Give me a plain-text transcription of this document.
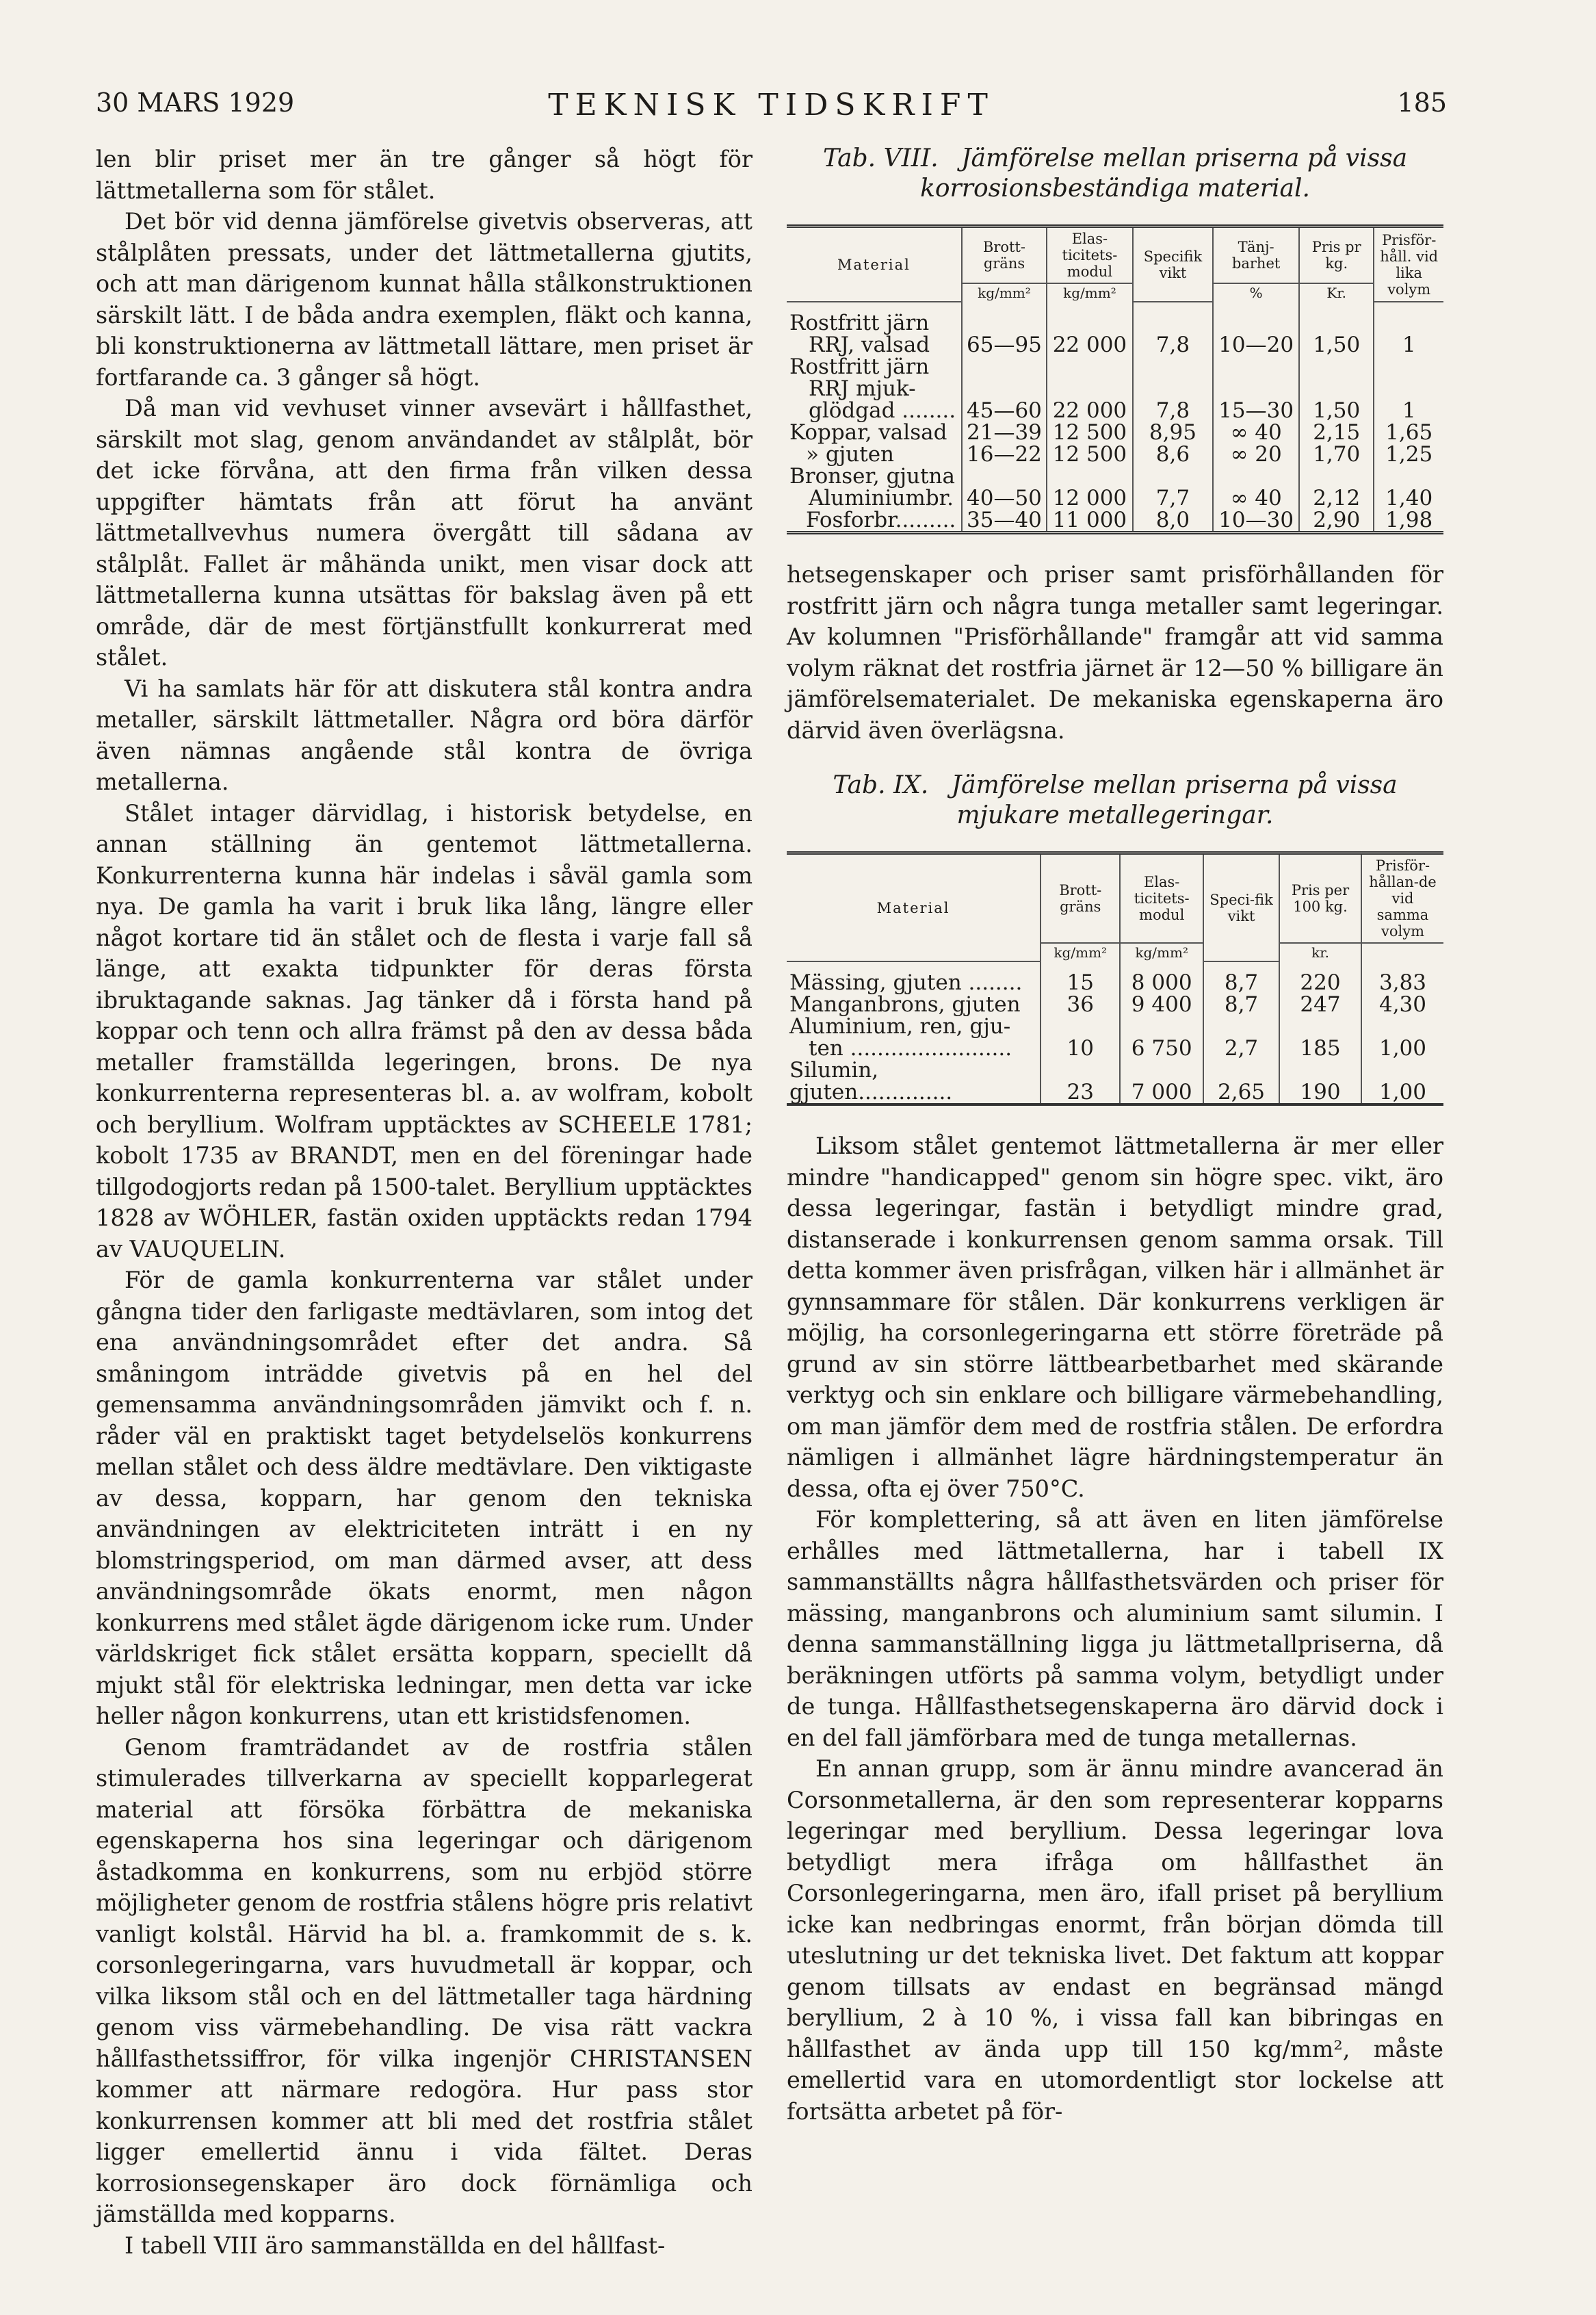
30 MARS 1929	TEKNISK TIDSKRIFT	185

len blir priset mer än tre gånger så högt för lättmetallerna som för stålet.

Det bör vid denna jämförelse givetvis observeras, att stålplåten pressats, under det lättmetallerna gjutits, och att man därigenom kunnat hålla stålkonstruktionen särskilt lätt. I de båda andra exemplen, fläkt och kanna, bli konstruktionerna av lättmetall lättare, men priset är fortfarande ca. 3 gånger så högt.

Då man vid vevhuset vinner avsevärt i hållfasthet, särskilt mot slag, genom användandet av stålplåt, bör det icke förvåna, att den firma från vilken dessa uppgifter hämtats från att förut ha använt lättmetallvevhus numera övergått till sådana av stålplåt. Fallet är måhända unikt, men visar dock att lättmetallerna kunna utsättas för bakslag även på ett område, där de mest förtjänstfullt konkurrerat med stålet.

Vi ha samlats här för att diskutera stål kontra andra metaller, särskilt lättmetaller. Några ord böra därför även nämnas angående stål kontra de övriga metallerna.

Stålet intager därvidlag, i historisk betydelse, en annan ställning än gentemot lättmetallerna. Konkurrenterna kunna här indelas i såväl gamla som nya. De gamla ha varit i bruk lika lång, längre eller något kortare tid än stålet och de flesta i varje fall så länge, att exakta tidpunkter för deras första ibruktagande saknas. Jag tänker då i första hand på koppar och tenn och allra främst på den av dessa båda metaller framställda legeringen, brons. De nya konkurrenterna representeras bl. a. av wolfram, kobolt och beryllium. Wolfram upptäcktes av SCHEELE 1781; kobolt 1735 av BRANDT, men en del föreningar hade tillgodogjorts redan på 1500-talet. Beryllium upptäcktes 1828 av WÖHLER, fastän oxiden upptäckts redan 1794 av VAUQUELIN.

För de gamla konkurrenterna var stålet under gångna tider den farligaste medtävlaren, som intog det ena användningsområdet efter det andra. Så småningom inträdde givetvis på en hel del gemensamma användningsområden jämvikt och f. n. råder väl en praktiskt taget betydelselös konkurrens mellan stålet och dess äldre medtävlare. Den viktigaste av dessa, kopparn, har genom den tekniska användningen av elektriciteten inträtt i en ny blomstringsperiod, om man därmed avser, att dess användningsområde ökats enormt, men någon konkurrens med stålet ägde därigenom icke rum. Under världskriget fick stålet ersätta kopparn, speciellt då mjukt stål för elektriska ledningar, men detta var icke heller någon konkurrens, utan ett kristidsfenomen.

Genom framträdandet av de rostfria stålen stimulerades tillverkarna av speciellt kopparlegerat material att försöka förbättra de mekaniska egenskaperna hos sina legeringar och därigenom åstadkomma en konkurrens, som nu erbjöd större möjligheter genom de rostfria stålens högre pris relativt vanligt kolstål. Härvid ha bl. a. framkommit de s. k. corsonlegeringarna, vars huvudmetall är koppar, och vilka liksom stål och en del lättmetaller taga härdning genom viss värmebehandling. De visa rätt vackra hållfasthetssiffror, för vilka ingenjör CHRISTANSEN kommer att närmare redogöra. Hur pass stor konkurrensen kommer att bli med det rostfria stålet ligger emellertid ännu i vida fältet. Deras korrosionsegenskaper äro dock förnämliga och jämställda med kopparns.

I tabell VIII äro sammanställda en del hållfast-

Tab. VIII. Jämförelse mellan priserna på vissa korrosionsbeständiga material.
Material	Brott-gräns	Elas-ticitets-modul	Specifik vikt	Tänj-barhet	Pris pr kg.	Prisför-håll. vid lika volym
	kg/mm²	kg/mm²		%	Kr.	

Rostfritt järn
RRJ, valsad	65—95	22 000	7,8	10—20	1,50	1

Rostfritt järn
RRJ mjuk-glödgad ........	45—60	22 000	7,8	15—30	1,50	1
Koppar, valsad	21—39	12 500	8,95	∞ 40	2,15	1,65
» gjuten	16—22	12 500	8,6	∞ 20	1,70	1,25

Bronser, gjutna
Aluminiumbr.	40—50	12 000	7,7	∞ 40	2,12	1,40
Fosforbr.........	35—40	11 000	8,0	10—30	2,90	1,98

hetsegenskaper och priser samt prisförhållanden för rostfritt järn och några tunga metaller samt legeringar. Av kolumnen "Prisförhållande" framgår att vid samma volym räknat det rostfria järnet är 12—50 % billigare än jämförelsematerialet. De mekaniska egenskaperna äro därvid även överlägsna.

Tab. IX. Jämförelse mellan priserna på vissa mjukare metallegeringar.
Material	Brott-gräns	Elas-ticitets-modul	Speci-fik vikt	Pris per 100 kg.	Prisför-hållan-de vid samma volym
	kg/mm²	kg/mm²		kr.	

Mässing, gjuten ........	15	8 000	8,7	220	3,83
Manganbrons, gjuten	36	9 400	8,7	247	4,30

Aluminium, ren, gju-
ten ........................	10	6 750	2,7	185	1,00
Silumin, gjuten..............	23	7 000	2,65	190	1,00

Liksom stålet gentemot lättmetallerna är mer eller mindre "handicapped" genom sin högre spec. vikt, äro dessa legeringar, fastän i betydligt mindre grad, distanserade i konkurrensen genom samma orsak. Till detta kommer även prisfrågan, vilken här i allmänhet är gynnsammare för stålen. Där konkurrens verkligen är möjlig, ha corsonlegeringarna ett större företräde på grund av sin större lättbearbetbarhet med skärande verktyg och sin enklare och billigare värmebehandling, om man jämför dem med de rostfria stålen. De erfordra nämligen i allmänhet lägre härdningstemperatur än dessa, ofta ej över 750°C.

För komplettering, så att även en liten jämförelse erhålles med lättmetallerna, har i tabell IX sammanställts några hållfasthetsvärden och priser för mässing, manganbrons och aluminium samt silumin. I denna sammanställning ligga ju lättmetallpriserna, då beräkningen utförts på samma volym, betydligt under de tunga. Hållfasthetsegenskaperna äro därvid dock i en del fall jämförbara med de tunga metallernas.

En annan grupp, som är ännu mindre avancerad än Corsonmetallerna, är den som representerar kopparns legeringar med beryllium. Dessa legeringar lova betydligt mera ifråga om hållfasthet än Corsonlegeringarna, men äro, ifall priset på beryllium icke kan nedbringas enormt, från början dömda till uteslutning ur det tekniska livet. Det faktum att koppar genom tillsats av endast en begränsad mängd beryllium, 2 à 10 %, i vissa fall kan bibringas en hållfasthet av ända upp till 150 kg/mm², måste emellertid vara en utomordentligt stor lockelse att fortsätta arbetet på för-
